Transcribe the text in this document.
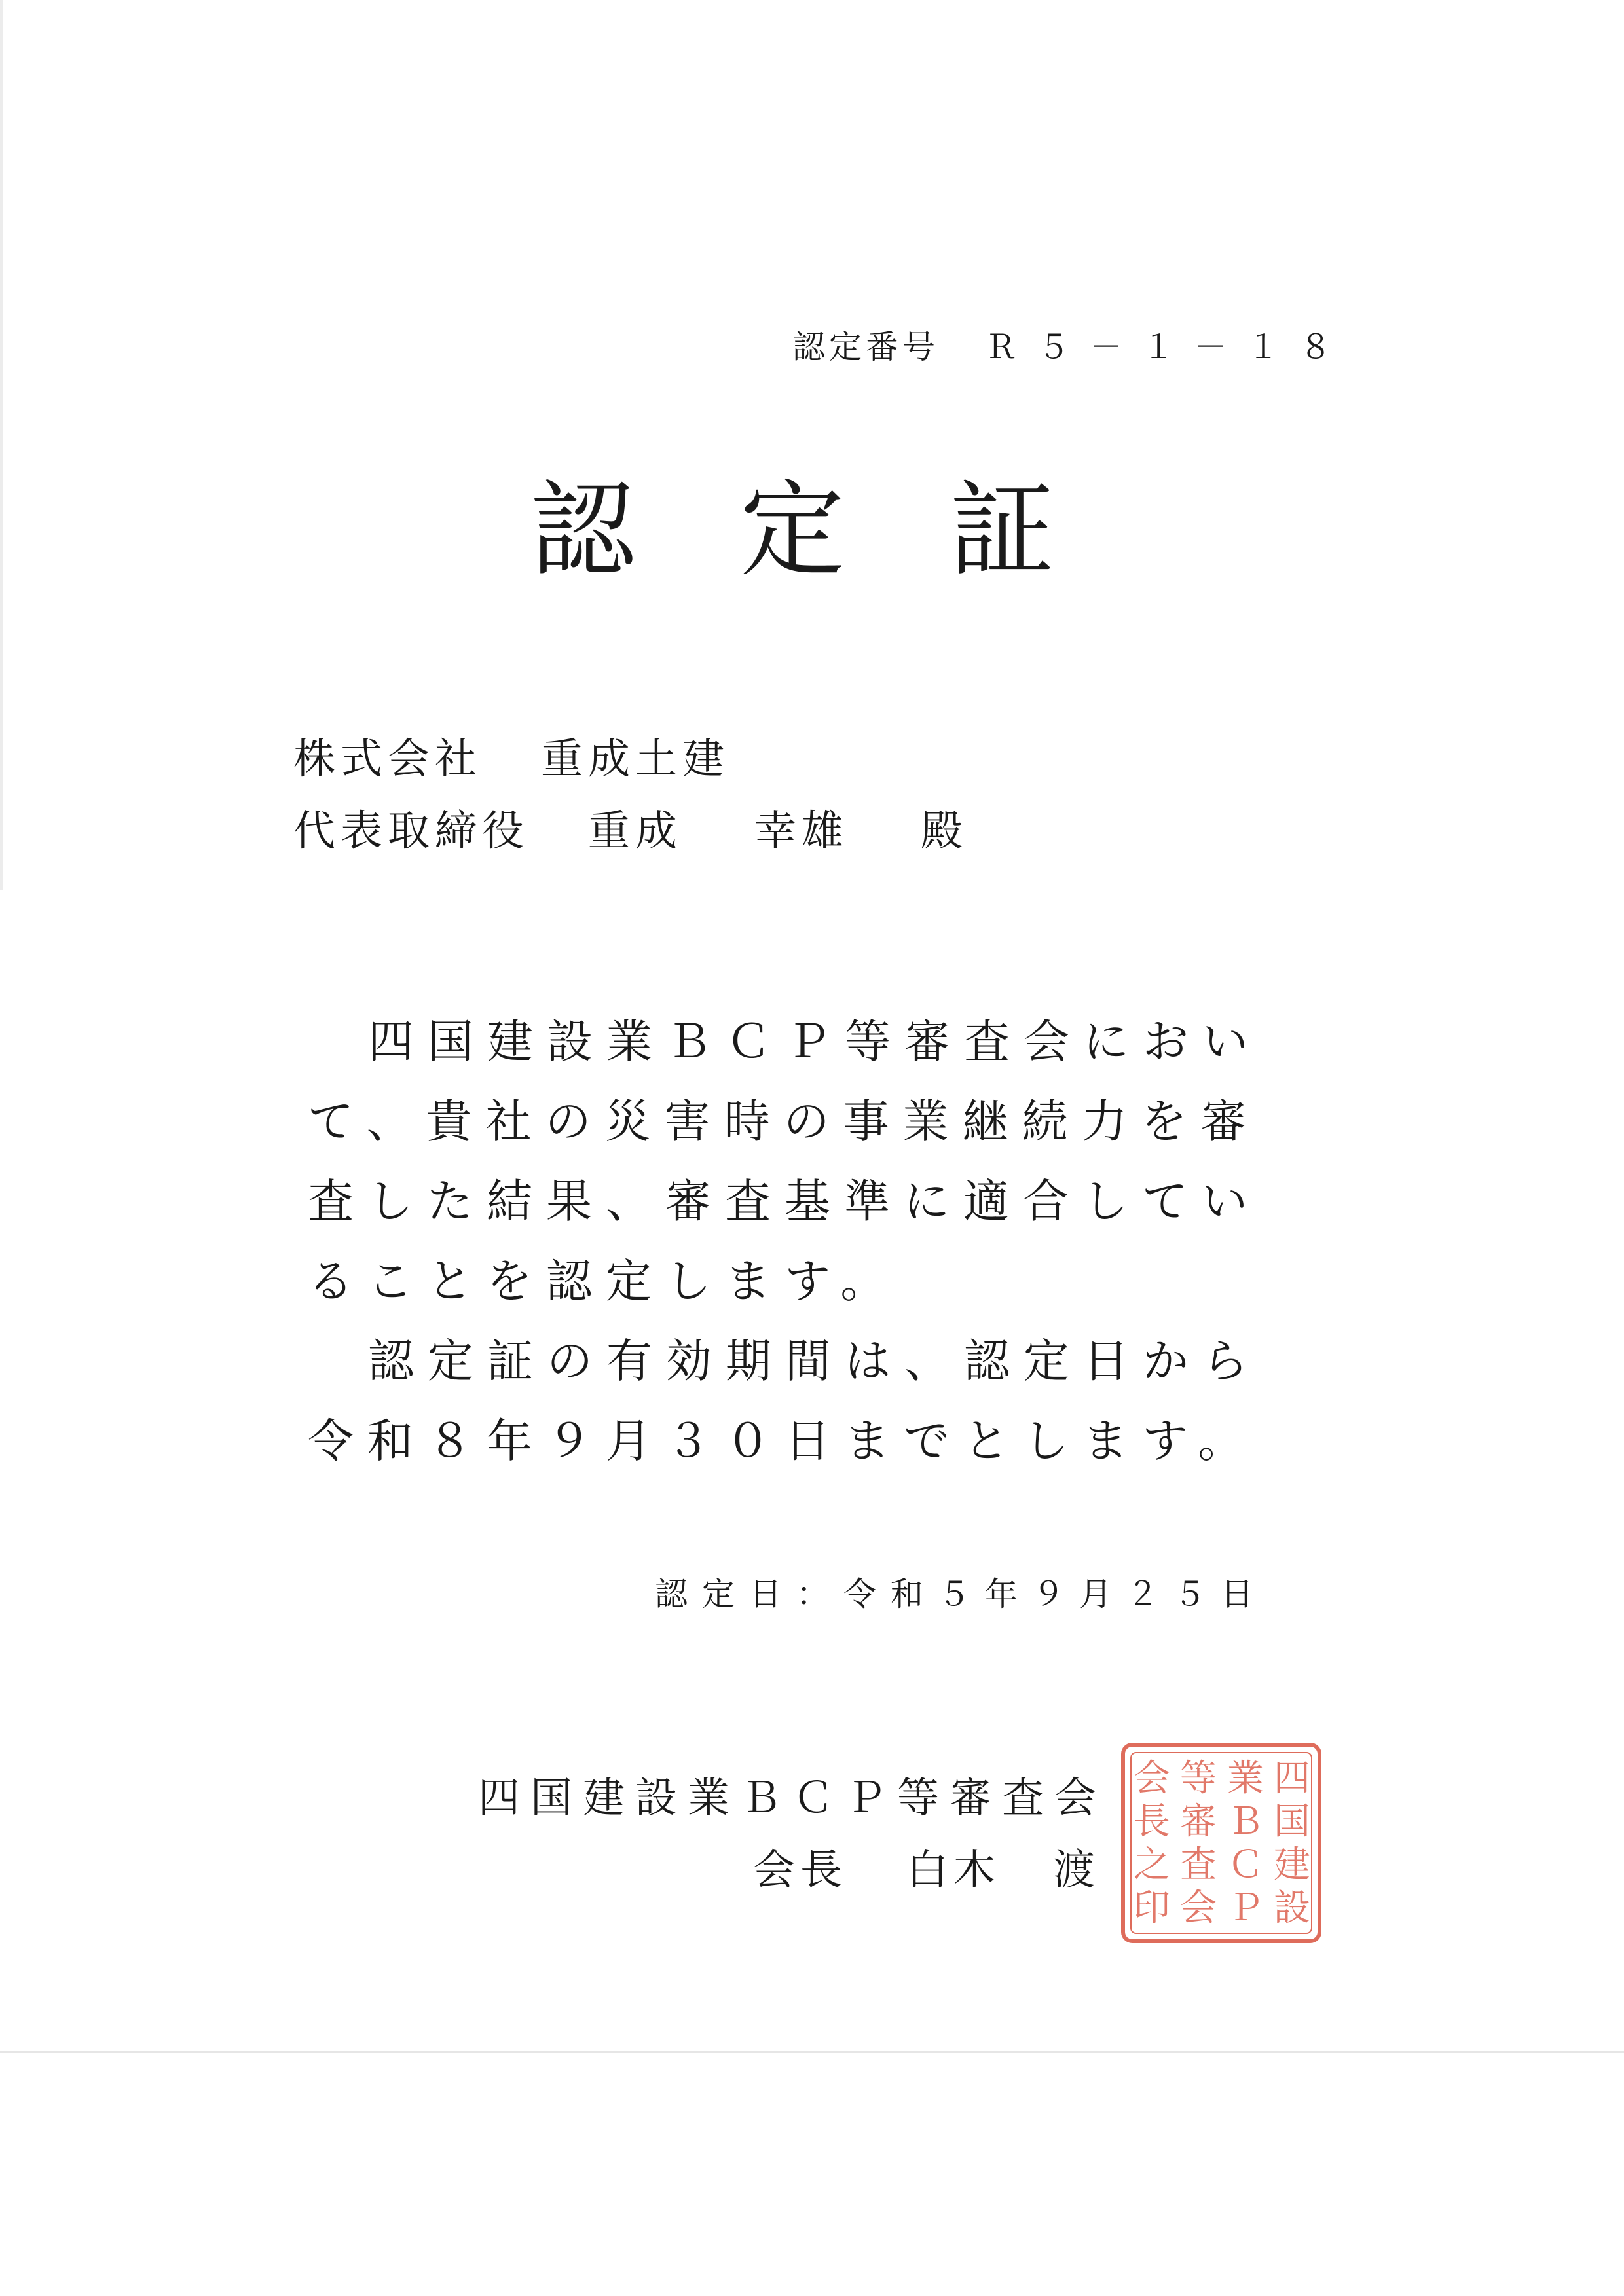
認定番号 Ｒ５－１－１８
認定証
株式会社 重成土建
代表取締役 重成 幸雄 殿

四国建設業ＢＣＰ等審査会において、貴社の災害時の事業継続力を審査した結果、審査基準に適合していることを認定します。

認定証の有効期間は、認定日から令和８年９月３０日までとします。

認定日：令和５年９月２５日
四国建設業ＢＣＰ等審査会
会長 白木 渡
四
国
建
設
業
Ｂ
Ｃ
Ｐ
等
審
査
会
会
長
之
印
